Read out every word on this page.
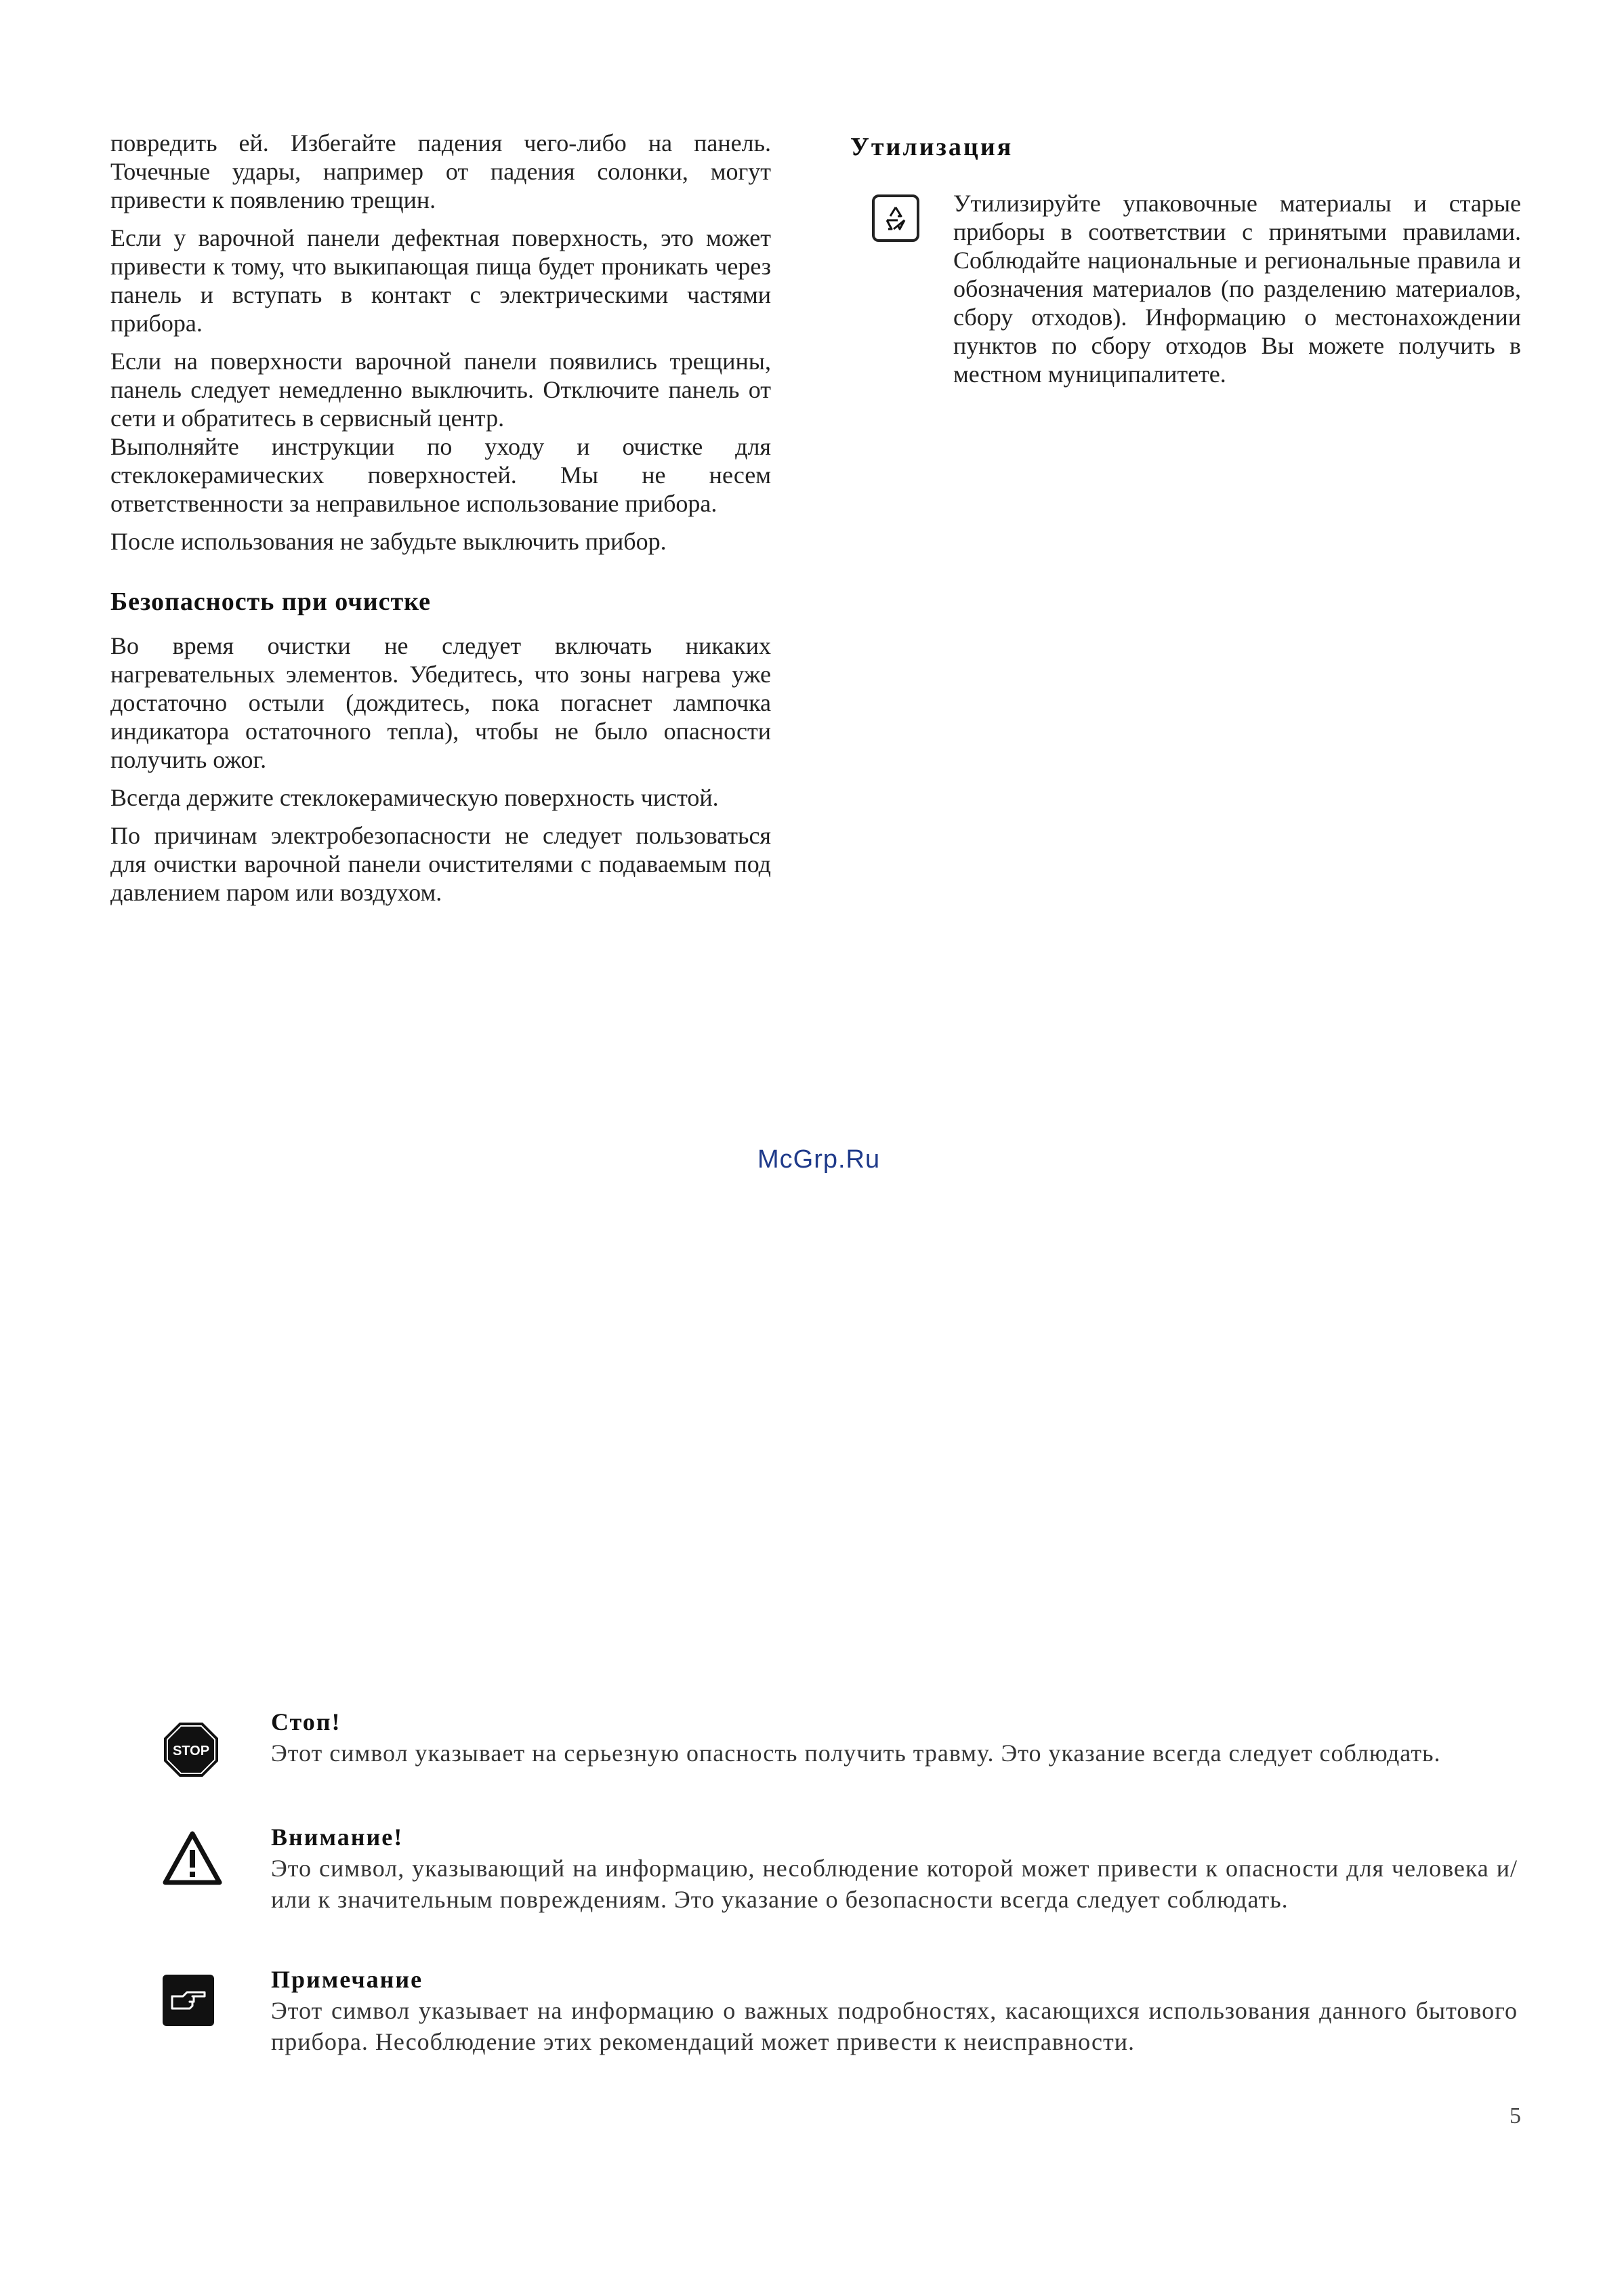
повредить ей. Избегайте падения чего-либо на панель. Точечные удары, например от падения солонки, могут привести к появлению трещин.

Если у варочной панели дефектная поверхность, это может привести к тому, что выкипающая пища будет проникать через панель и вступать в контакт с электрическими частями прибора.

Если на поверхности варочной панели появились трещины, панель следует немедленно выключить. Отключите панель от сети и обратитесь в сервисный центр.

Выполняйте инструкции по уходу и очистке для стеклокерамических поверхностей. Мы не несем ответственности за неправильное использование прибора.

После использования не забудьте выключить прибор.

Безопасность при очистке

Во время очистки не следует включать никаких нагревательных элементов. Убедитесь, что зоны нагрева уже достаточно остыли (дождитесь, пока погаснет лампочка индикатора остаточного тепла), чтобы не было опасности получить ожог.

Всегда держите стеклокерамическую поверхность чистой.

По причинам электробезопасности не следует пользоваться для очистки варочной панели очистителями с подаваемым под давлением паром или воздухом.

Утилизация

Утилизируйте упаковочные материалы и старые приборы в соответствии с принятыми правилами. Соблюдайте национальные и региональные правила и обозначения материалов (по разделению материалов, сбору отходов). Информацию о местонахождении пунктов по сбору отходов Вы можете получить в местном муниципалитете.

McGrp.Ru
STOP

Стоп!

Этот символ указывает на серьезную опасность получить травму. Это указание всегда следует соблюдать.

Внимание!

Это символ, указывающий на информацию, несоблюдение которой может привести к опасности для человека и/или к значительным повреждениям. Это указание о безопасности всегда следует соблюдать.

Примечание

Этот символ указывает на информацию о важных подробностях, касающихся использования данного бытового прибора. Несоблюдение этих рекомендаций может привести к неисправности.

5
